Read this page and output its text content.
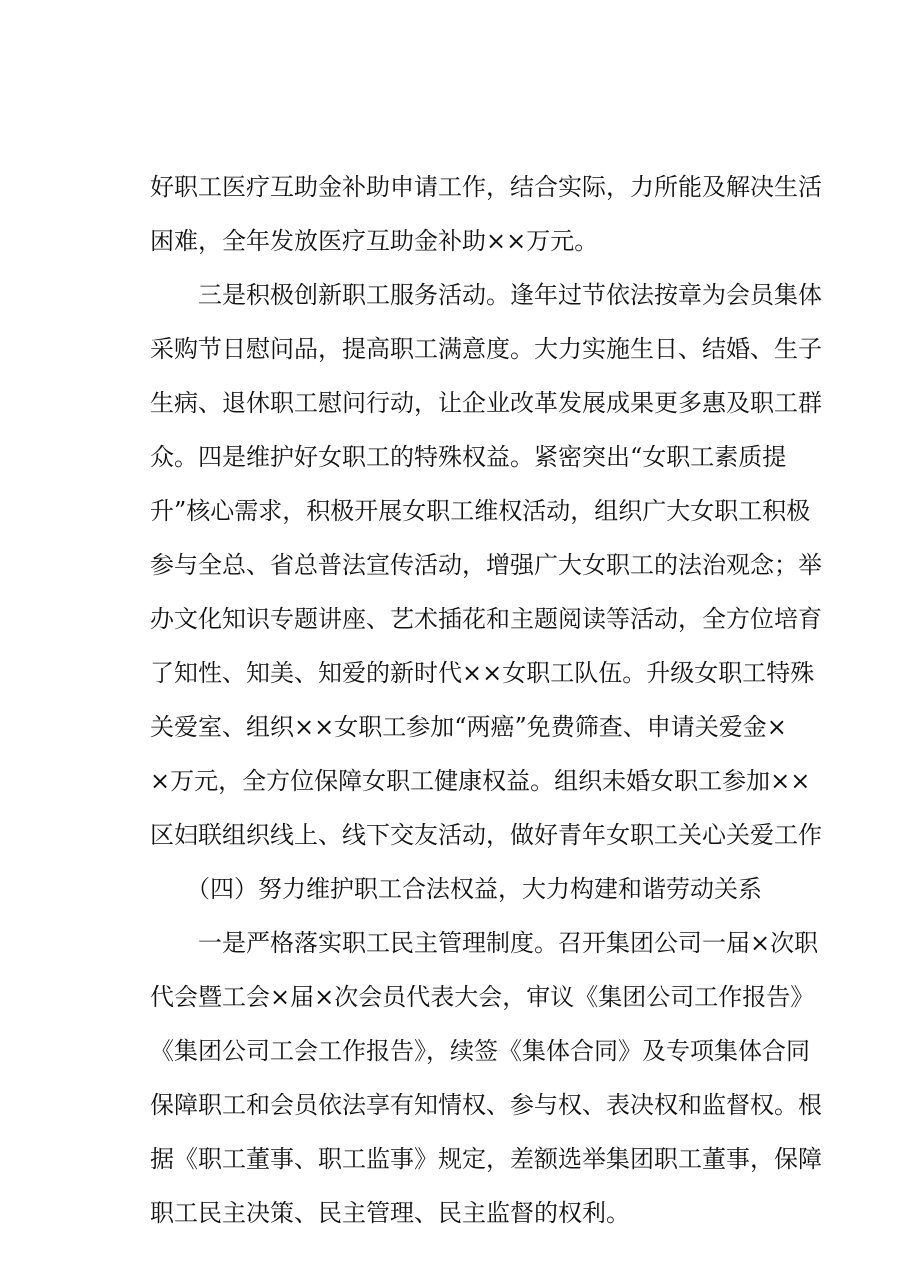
好职工医疗互助金补助申请工作，结合实际，力所能及解决生活
困难，全年发放医疗互助金补助××万元。
　　三是积极创新职工服务活动。逢年过节依法按章为会员集体
采购节日慰问品，提高职工满意度。大力实施生日、结婚、生子
生病、退休职工慰问行动，让企业改革发展成果更多惠及职工群
众。四是维护好女职工的特殊权益。紧密突出“女职工素质提
升”核心需求，积极开展女职工维权活动，组织广大女职工积极
参与全总、省总普法宣传活动，增强广大女职工的法治观念；举
办文化知识专题讲座、艺术插花和主题阅读等活动，全方位培育
了知性、知美、知爱的新时代××女职工队伍。升级女职工特殊
关爱室、组织××女职工参加“两癌”免费筛查、申请关爱金×
×万元，全方位保障女职工健康权益。组织未婚女职工参加××
区妇联组织线上、线下交友活动，做好青年女职工关心关爱工作
　　（四）努力维护职工合法权益，大力构建和谐劳动关系
　　一是严格落实职工民主管理制度。召开集团公司一届×次职
代会暨工会×届×次会员代表大会，审议《集团公司工作报告》
《集团公司工会工作报告》，续签《集体合同》及专项集体合同
保障职工和会员依法享有知情权、参与权、表决权和监督权。根
据《职工董事、职工监事》规定，差额选举集团职工董事，保障
职工民主决策、民主管理、民主监督的权利。
